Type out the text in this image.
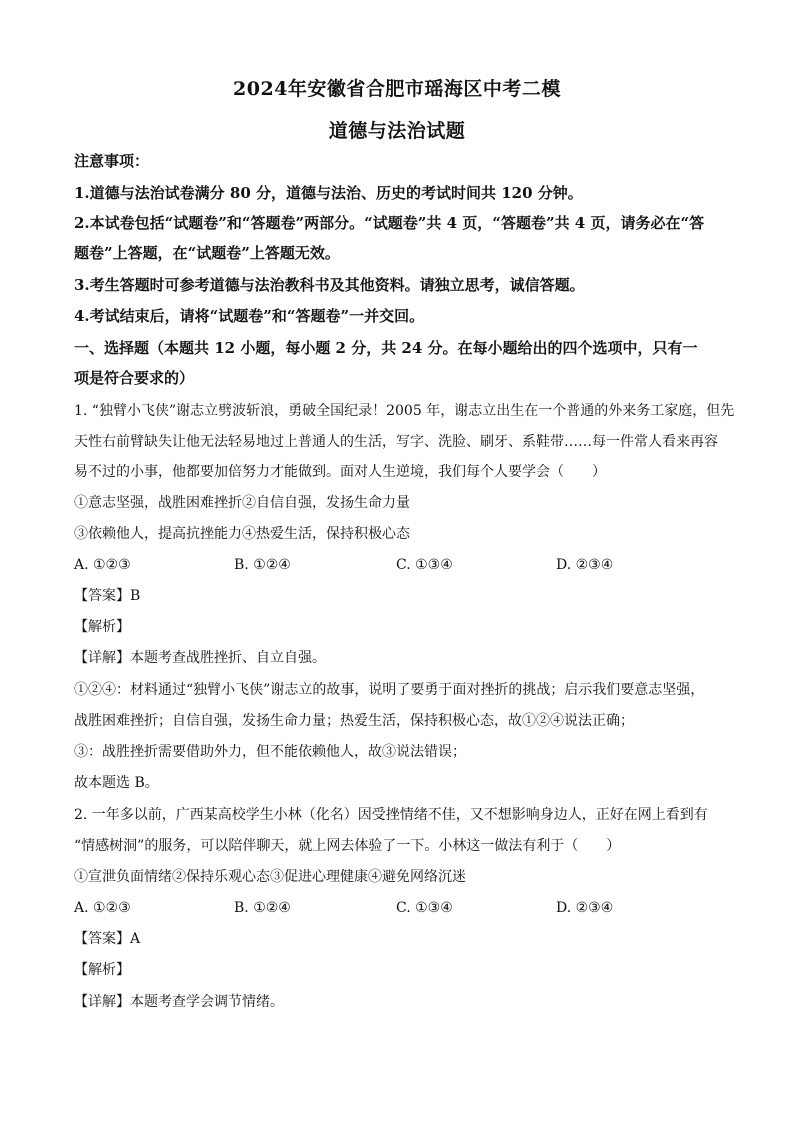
2024年安徽省合肥市瑶海区中考二模
道德与法治试题
注意事项：
1.道德与法治试卷满分 80 分，道德与法治、历史的考试时间共 120 分钟。
2.本试卷包括“试题卷”和“答题卷”两部分。“试题卷”共 4 页，“答题卷”共 4 页，请务必在“答
题卷”上答题，在“试题卷”上答题无效。
3.考生答题时可参考道德与法治教科书及其他资料。请独立思考，诚信答题。
4.考试结束后，请将“试题卷”和“答题卷”一并交回。
一、选择题（本题共 12 小题，每小题 2 分，共 24 分。在每小题给出的四个选项中，只有一
项是符合要求的）
1. “独臂小飞侠”谢志立劈波斩浪，勇破全国纪录！2005 年，谢志立出生在一个普通的外来务工家庭，但先
天性右前臂缺失让他无法轻易地过上普通人的生活，写字、洗脸、刷牙、系鞋带……每一件常人看来再容
易不过的小事，他都要加倍努力才能做到。面对人生逆境，我们每个人要学会（　　）
①意志坚强，战胜困难挫折②自信自强，发扬生命力量
③依赖他人，提高抗挫能力④热爱生活，保持积极心态
A. ①②③	B. ①②④	C. ①③④	D. ②③④
【答案】B
【解析】
【详解】本题考查战胜挫折、自立自强。
①②④：材料通过“独臂小飞侠”谢志立的故事，说明了要勇于面对挫折的挑战；启示我们要意志坚强，
战胜困难挫折；自信自强，发扬生命力量；热爱生活，保持积极心态，故①②④说法正确；
③：战胜挫折需要借助外力，但不能依赖他人，故③说法错误；
故本题选 B。
2. 一年多以前，广西某高校学生小林（化名）因受挫情绪不佳，又不想影响身边人，正好在网上看到有
“情感树洞”的服务，可以陪伴聊天，就上网去体验了一下。小林这一做法有利于（　　）
①宣泄负面情绪②保持乐观心态③促进心理健康④避免网络沉迷
A. ①②③	B. ①②④	C. ①③④	D. ②③④
【答案】A
【解析】
【详解】本题考查学会调节情绪。
